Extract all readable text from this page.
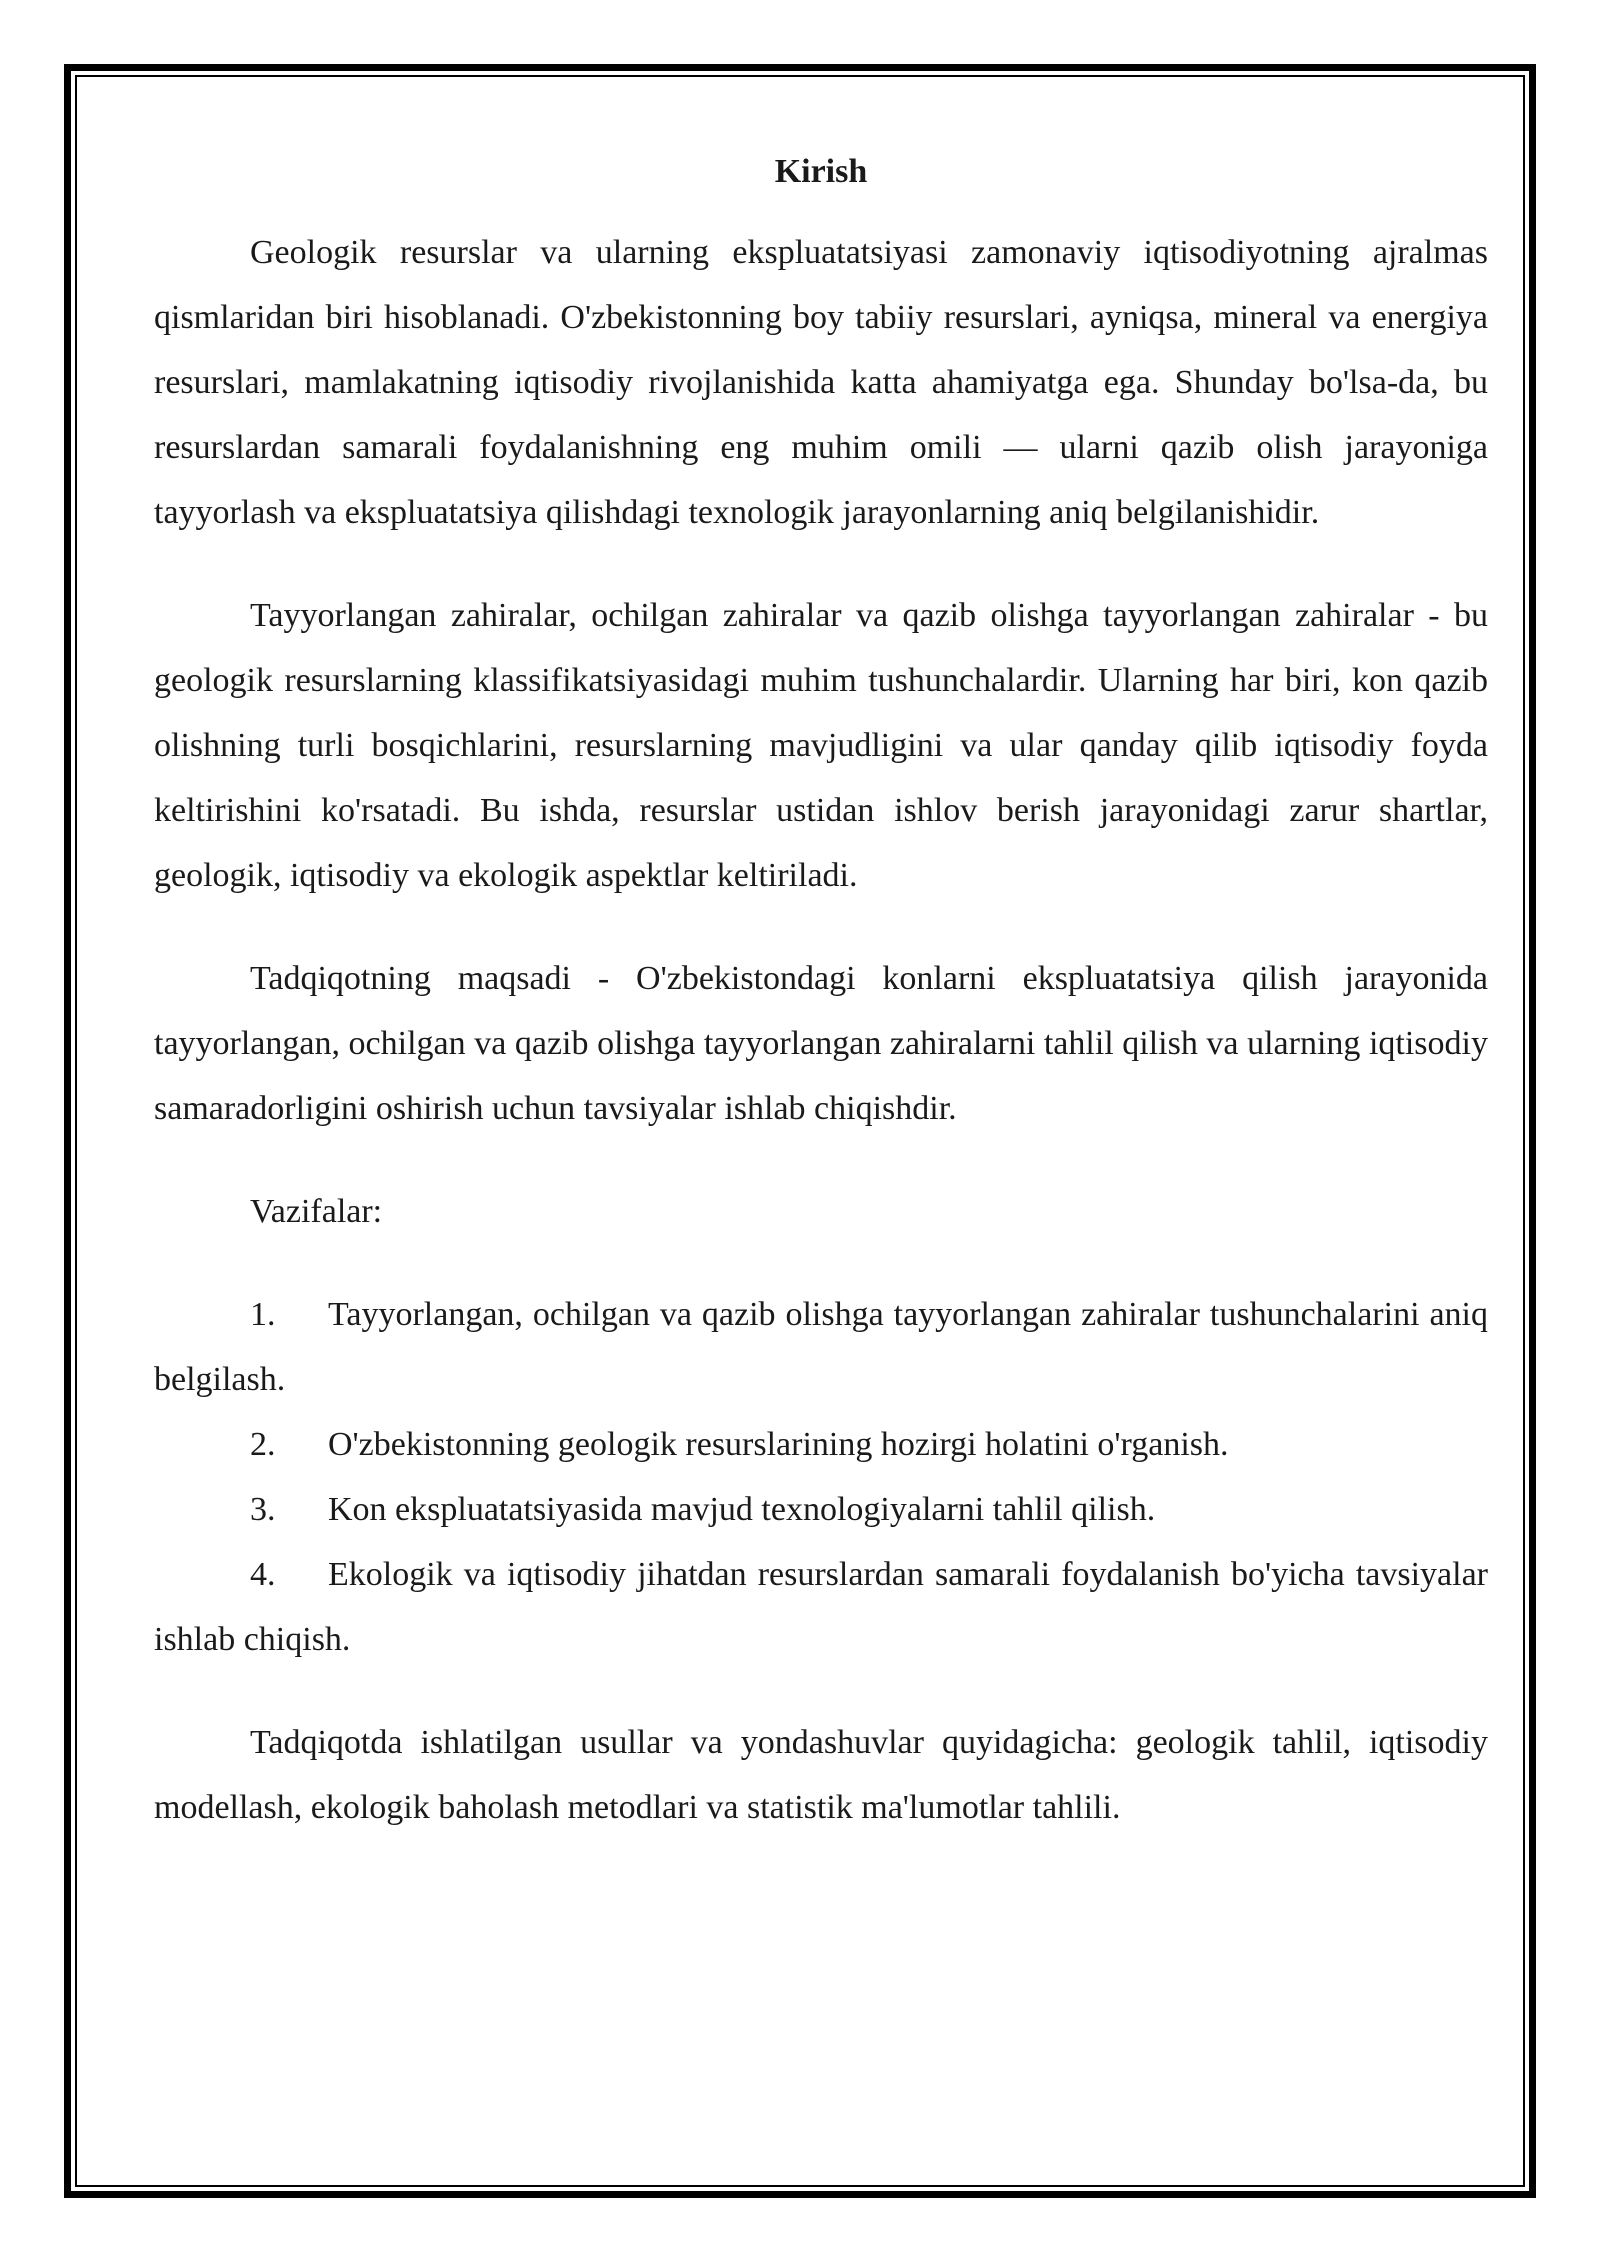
Kirish

Geologik resurslar va ularning ekspluatatsiyasi zamonaviy iqtisodiyotning ajralmas qismlaridan biri hisoblanadi. O'zbekistonning boy tabiiy resurslari, ayniqsa, mineral va energiya resurslari, mamlakatning iqtisodiy rivojlanishida katta ahamiyatga ega. Shunday bo'lsa-da, bu resurslardan samarali foydalanishning eng muhim omili — ularni qazib olish jarayoniga tayyorlash va ekspluatatsiya qilishdagi texnologik jarayonlarning aniq belgilanishidir.

Tayyorlangan zahiralar, ochilgan zahiralar va qazib olishga tayyorlangan zahiralar - bu geologik resurslarning klassifikatsiyasidagi muhim tushunchalardir. Ularning har biri, kon qazib olishning turli bosqichlarini, resurslarning mavjudligini va ular qanday qilib iqtisodiy foyda keltirishini ko'rsatadi. Bu ishda, resurslar ustidan ishlov berish jarayonidagi zarur shartlar, geologik, iqtisodiy va ekologik aspektlar keltiriladi.

Tadqiqotning maqsadi - O'zbekistondagi konlarni ekspluatatsiya qilish jarayonida tayyorlangan, ochilgan va qazib olishga tayyorlangan zahiralarni tahlil qilish va ularning iqtisodiy samaradorligini oshirish uchun tavsiyalar ishlab chiqishdir.

Vazifalar:

1. Tayyorlangan, ochilgan va qazib olishga tayyorlangan zahiralar tushunchalarini aniq belgilash.

2. O'zbekistonning geologik resurslarining hozirgi holatini o'rganish.

3. Kon ekspluatatsiyasida mavjud texnologiyalarni tahlil qilish.

4. Ekologik va iqtisodiy jihatdan resurslardan samarali foydalanish bo'yicha tavsiyalar ishlab chiqish.

Tadqiqotda ishlatilgan usullar va yondashuvlar quyidagicha: geologik tahlil, iqtisodiy modellash, ekologik baholash metodlari va statistik ma'lumotlar tahlili.
